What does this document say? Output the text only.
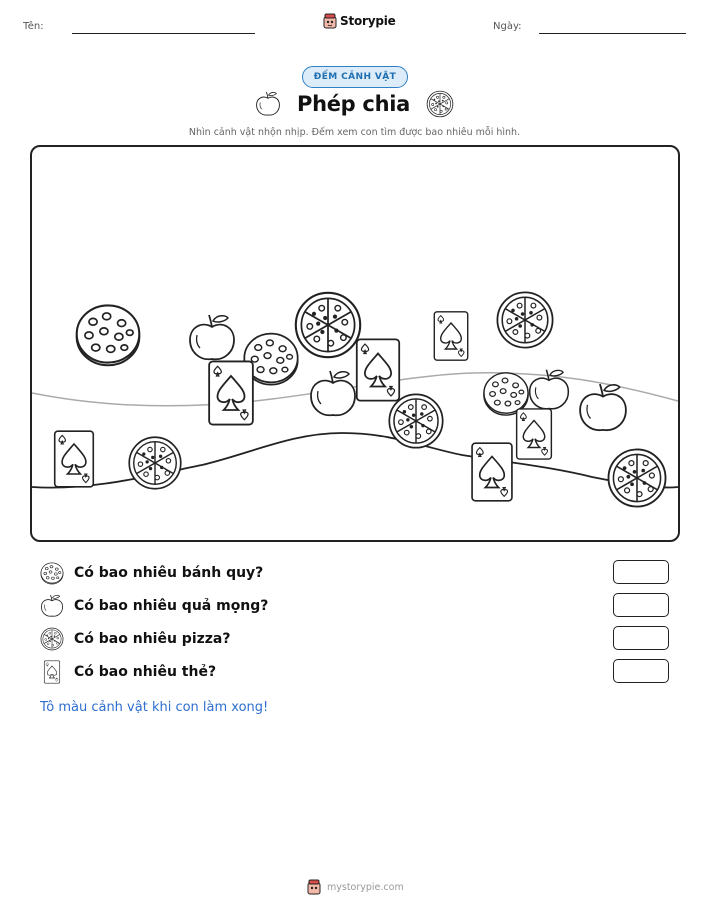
Tên:	Storypie	Ngày:
ĐẾM CẢNH VẬT
Phép chia
Nhìn cảnh vật nhộn nhịp. Đếm xem con tìm được bao nhiêu mỗi hình.
Có bao nhiêu bánh quy?
Có bao nhiêu quả mọng?
Có bao nhiêu pizza?
Có bao nhiêu thẻ?
Tô màu cảnh vật khi con làm xong!
mystorypie.com
